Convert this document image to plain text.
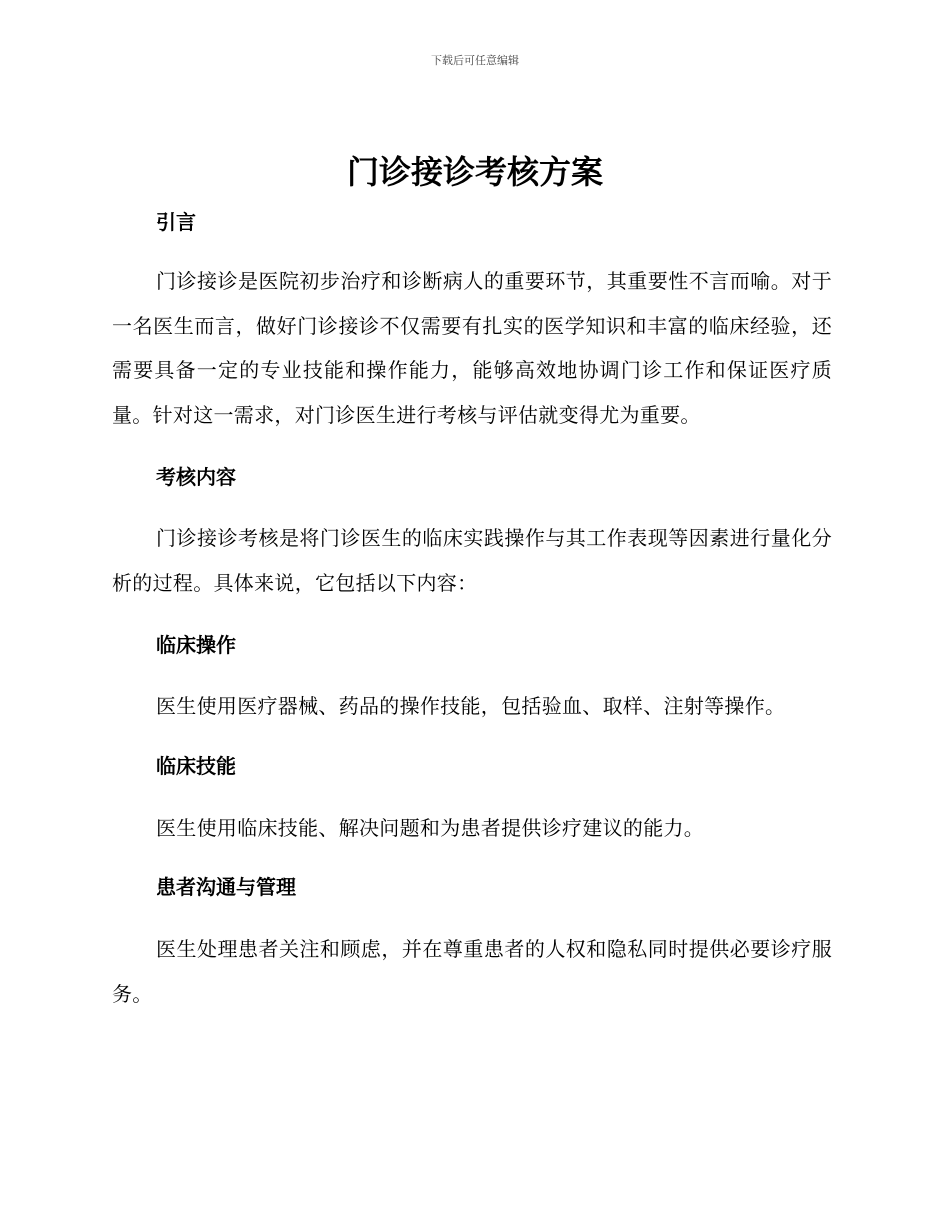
下载后可任意编辑
门诊接诊考核方案
引言

门诊接诊是医院初步治疗和诊断病人的重要环节，其重要性不言而喻。对于一名医生而言，做好门诊接诊不仅需要有扎实的医学知识和丰富的临床经验，还需要具备一定的专业技能和操作能力，能够高效地协调门诊工作和保证医疗质量。针对这一需求，对门诊医生进行考核与评估就变得尤为重要。

考核内容

门诊接诊考核是将门诊医生的临床实践操作与其工作表现等因素进行量化分析的过程。具体来说，它包括以下内容：

临床操作

医生使用医疗器械、药品的操作技能，包括验血、取样、注射等操作。

临床技能

医生使用临床技能、解决问题和为患者提供诊疗建议的能力。

患者沟通与管理

医生处理患者关注和顾虑，并在尊重患者的人权和隐私同时提供必要诊疗服务。
